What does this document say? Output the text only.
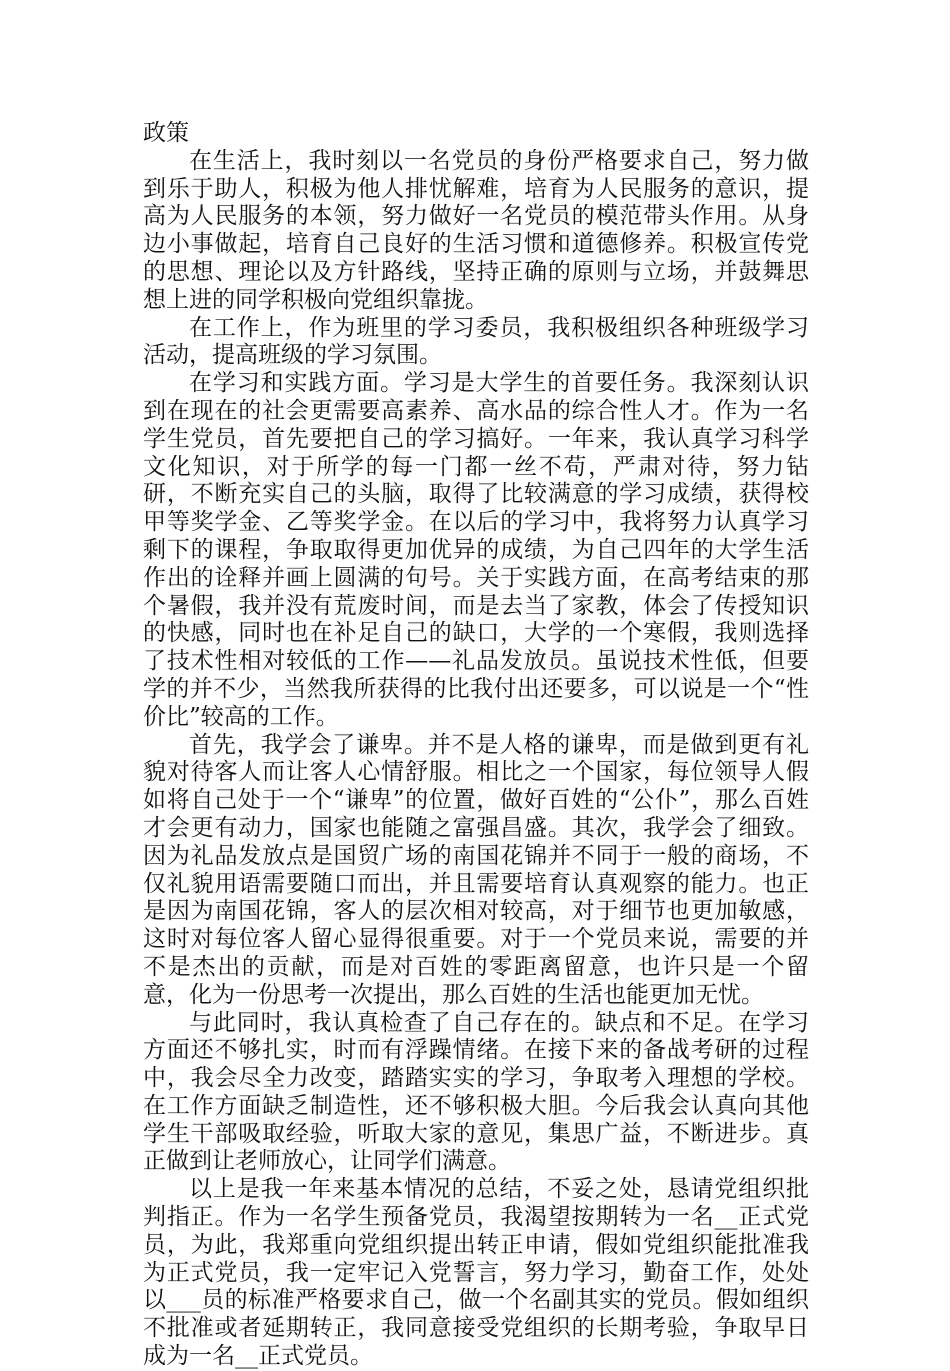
政策

在生活上，我时刻以一名党员的身份严格要求自己，努力做到乐于助人，积极为他人排忧解难，培育为人民服务的意识，提高为人民服务的本领，努力做好一名党员的模范带头作用。从身边小事做起，培育自己良好的生活习惯和道德修养。积极宣传党的思想、理论以及方针路线，坚持正确的原则与立场，并鼓舞思想上进的同学积极向党组织靠拢。

在工作上，作为班里的学习委员，我积极组织各种班级学习活动，提高班级的学习氛围。

在学习和实践方面。学习是大学生的首要任务。我深刻认识到在现在的社会更需要高素养、高水品的综合性人才。作为一名学生党员，首先要把自己的学习搞好。一年来，我认真学习科学文化知识，对于所学的每一门都一丝不苟，严肃对待，努力钻研，不断充实自己的头脑，取得了比较满意的学习成绩，获得校甲等奖学金、乙等奖学金。在以后的学习中，我将努力认真学习剩下的课程，争取取得更加优异的成绩，为自己四年的大学生活作出的诠释并画上圆满的句号。关于实践方面，在高考结束的那个暑假，我并没有荒废时间，而是去当了家教，体会了传授知识的快感，同时也在补足自己的缺口，大学的一个寒假，我则选择了技术性相对较低的工作——礼品发放员。虽说技术性低，但要学的并不少，当然我所获得的比我付出还要多，可以说是一个“性价比”较高的工作。

首先，我学会了谦卑。并不是人格的谦卑，而是做到更有礼貌对待客人而让客人心情舒服。相比之一个国家，每位领导人假如将自己处于一个“谦卑”的位置，做好百姓的“公仆”，那么百姓才会更有动力，国家也能随之富强昌盛。其次，我学会了细致。因为礼品发放点是国贸广场的南国花锦并不同于一般的商场，不仅礼貌用语需要随口而出，并且需要培育认真观察的能力。也正是因为南国花锦，客人的层次相对较高，对于细节也更加敏感，这时对每位客人留心显得很重要。对于一个党员来说，需要的并不是杰出的贡献，而是对百姓的零距离留意，也许只是一个留意，化为一份思考一次提出，那么百姓的生活也能更加无忧。

与此同时，我认真检查了自己存在的。缺点和不足。在学习方面还不够扎实，时而有浮躁情绪。在接下来的备战考研的过程中，我会尽全力改变，踏踏实实的学习，争取考入理想的学校。在工作方面缺乏制造性，还不够积极大胆。今后我会认真向其他学生干部吸取经验，听取大家的意见，集思广益，不断进步。真正做到让老师放心，让同学们满意。

以上是我一年来基本情况的总结，不妥之处，恳请党组织批判指正。作为一名学生预备党员，我渴望按期转为一名__正式党员，为此，我郑重向党组织提出转正申请，假如党组织能批准我为正式党员，我一定牢记入党誓言，努力学习，勤奋工作，处处以___员的标准严格要求自己，做一个名副其实的党员。假如组织不批准或者延期转正，我同意接受党组织的长期考验，争取早日成为一名__正式党员。
